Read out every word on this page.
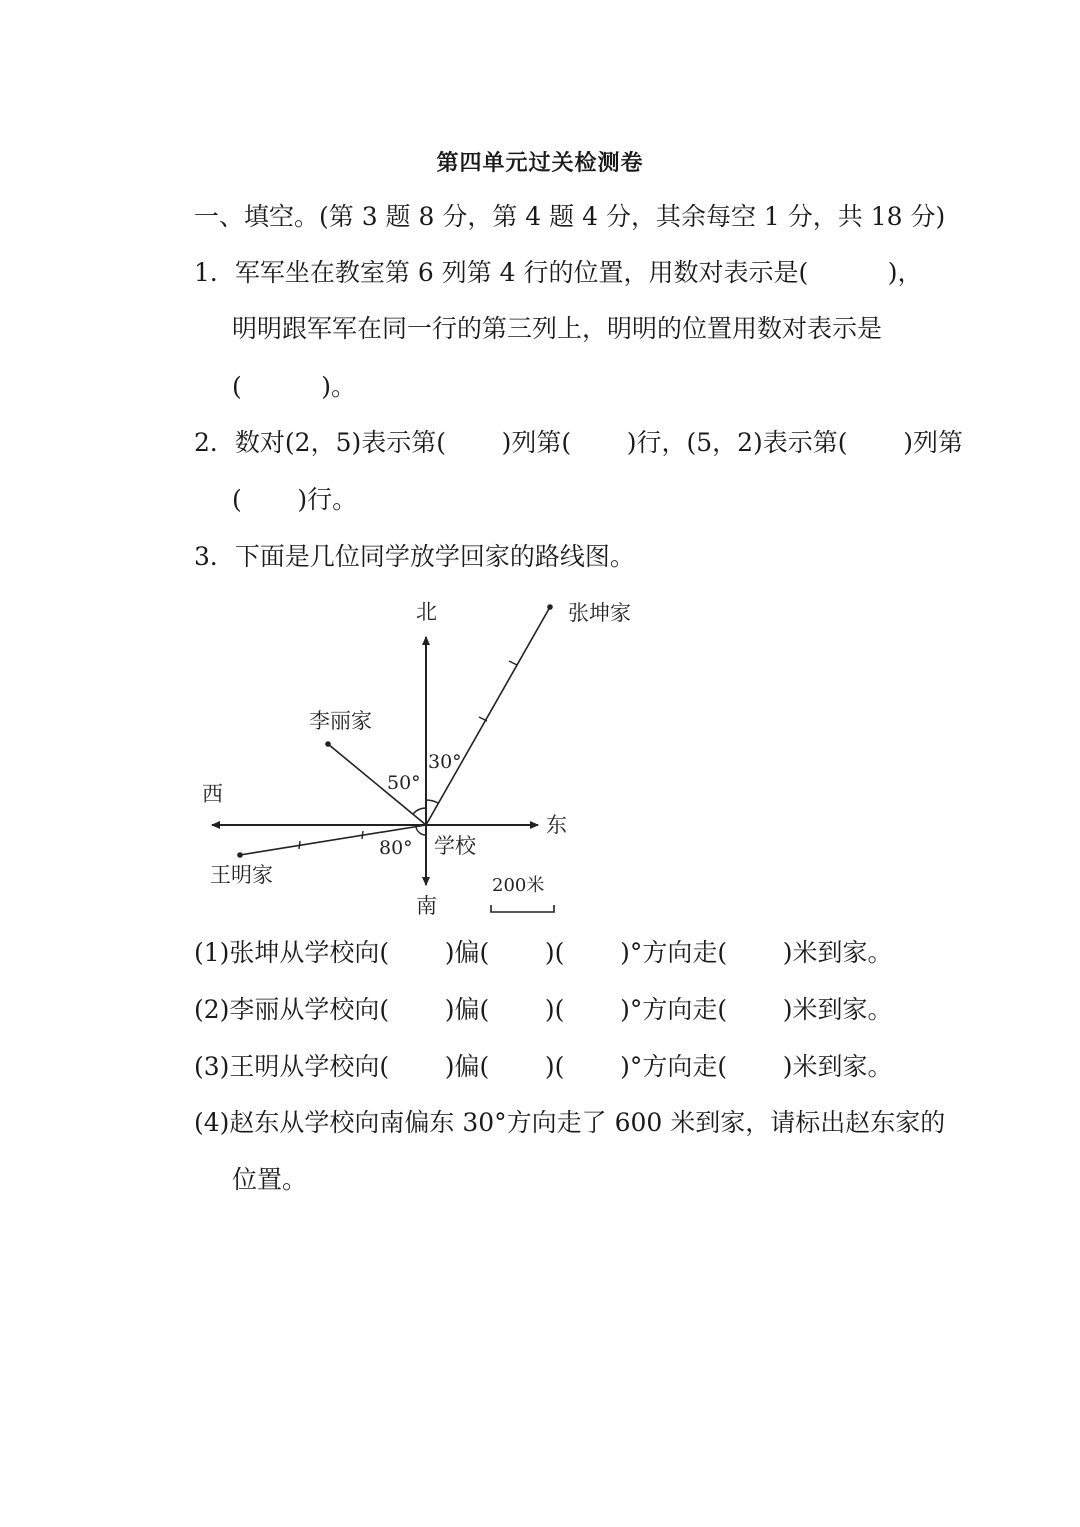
第四单元过关检测卷
一、填空。(第 3 题 8 分，第 4 题 4 分，其余每空 1 分，共 18 分)
1．军军坐在教室第 6 列第 4 行的位置，用数对表示是(          )，
明明跟军军在同一行的第三列上，明明的位置用数对表示是
(          )。
2．数对(2，5)表示第(       )列第(       )行，(5，2)表示第(       )列第
(       )行。
3．下面是几位同学放学回家的路线图。
北
南
东
西
学校
张坤家
李丽家
王明家
30°
50°
80°
200米
(1)张坤从学校向(       )偏(       )(       )°方向走(       )米到家。
(2)李丽从学校向(       )偏(       )(       )°方向走(       )米到家。
(3)王明从学校向(       )偏(       )(       )°方向走(       )米到家。
(4)赵东从学校向南偏东 30°方向走了 600 米到家，请标出赵东家的
位置。
